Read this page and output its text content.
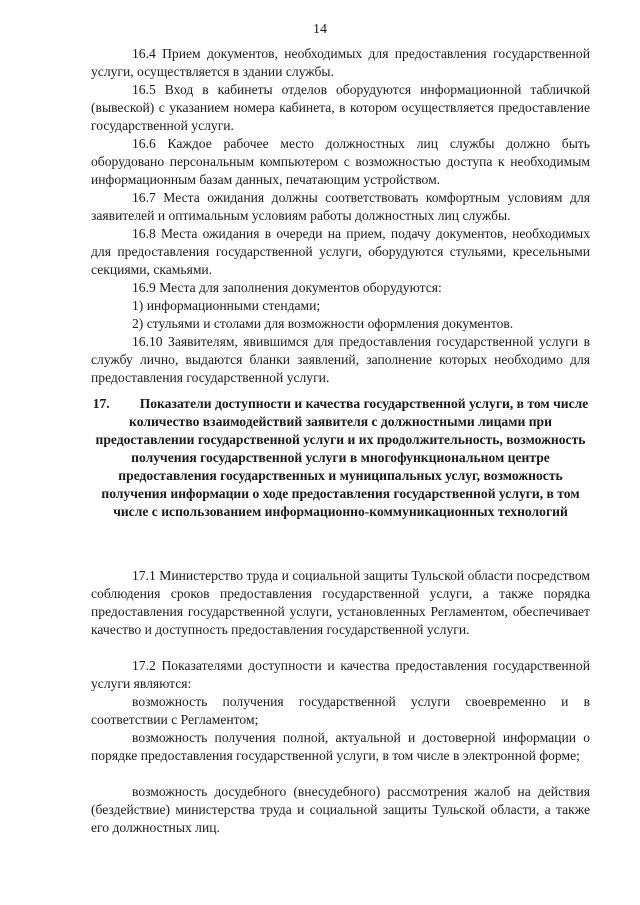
14

16.4 Прием документов, необходимых для предоставления государственной услуги, осуществляется в здании службы.

16.5 Вход в кабинеты отделов оборудуются информационной табличкой (вывеской) с указанием номера кабинета, в котором осуществляется предоставление государственной услуги.

16.6 Каждое рабочее место должностных лиц службы должно быть оборудовано персональным компьютером с возможностью доступа к необходимым информационным базам данных, печатающим устройством.

16.7 Места ожидания должны соответствовать комфортным условиям для заявителей и оптимальным условиям работы должностных лиц службы.

16.8 Места ожидания в очереди на прием, подачу документов, необходимых для предоставления государственной услуги, оборудуются стульями, кресельными секциями, скамьями.

16.9 Места для заполнения документов оборудуются:

1) информационными стендами;

2) стульями и столами для возможности оформления документов.

16.10 Заявителям, явившимся для предоставления государственной услуги в службу лично, выдаются бланки заявлений, заполнение которых необходимо для предоставления государственной услуги.

17. Показатели доступности и качества государственной услуги, в том числе количество взаимодействий заявителя с должностными лицами при предоставлении государственной услуги и их продолжительность, возможность получения государственной услуги в многофункциональном центре предоставления государственных и муниципальных услуг, возможность получения информации о ходе предоставления государственной услуги, в том числе с использованием информационно-коммуникационных технологий

17.1 Министерство труда и социальной защиты Тульской области посредством соблюдения сроков предоставления государственной услуги, а также порядка предоставления государственной услуги, установленных Регламентом, обеспечивает качество и доступность предоставления государственной услуги.

17.2 Показателями доступности и качества предоставления государственной услуги являются:

возможность получения государственной услуги своевременно и в соответствии с Регламентом;

возможность получения полной, актуальной и достоверной информации о порядке предоставления государственной услуги, в том числе в электронной форме;

возможность досудебного (внесудебного) рассмотрения жалоб на действия (бездействие) министерства труда и социальной защиты Тульской области, а также его должностных лиц.
